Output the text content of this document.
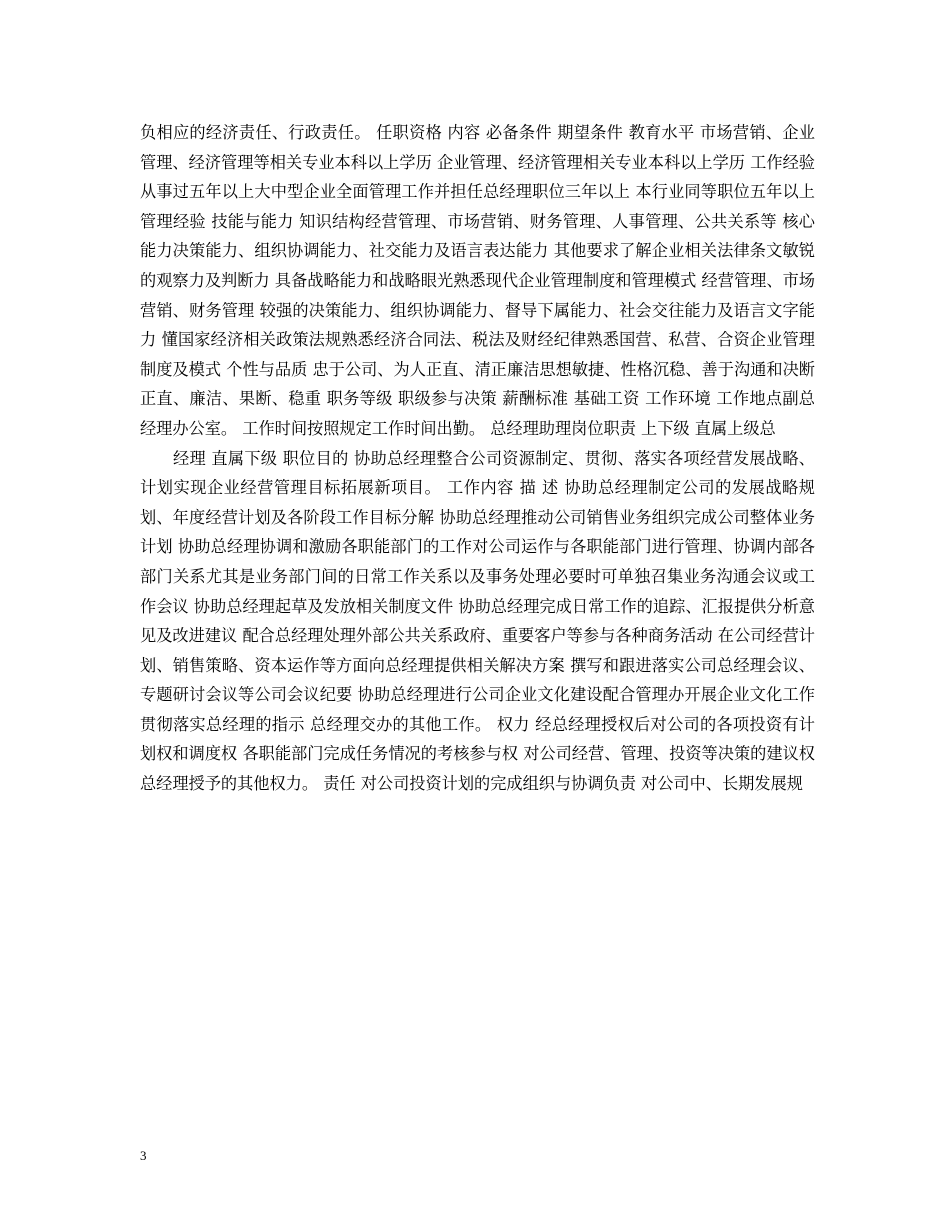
负相应的经济责任、行政责任。 任职资格 内容 必备条件 期望条件 教育水平 市场营销、企业管理、经济管理等相关专业本科以上学历 企业管理、经济管理相关专业本科以上学历 工作经验 从事过五年以上大中型企业全面管理工作并担任总经理职位三年以上 本行业同等职位五年以上管理经验 技能与能力 知识结构经营管理、市场营销、财务管理、人事管理、公共关系等 核心能力决策能力、组织协调能力、社交能力及语言表达能力 其他要求了解企业相关法律条文敏锐的观察力及判断力 具备战略能力和战略眼光熟悉现代企业管理制度和管理模式 经营管理、市场营销、财务管理 较强的决策能力、组织协调能力、督导下属能力、社会交往能力及语言文字能力 懂国家经济相关政策法规熟悉经济合同法、税法及财经纪律熟悉国营、私营、合资企业管理制度及模式 个性与品质 忠于公司、为人正直、清正廉洁思想敏捷、性格沉稳、善于沟通和决断 正直、廉洁、果断、稳重 职务等级 职级参与决策 薪酬标准 基础工资 工作环境 工作地点副总经理办公室。 工作时间按照规定工作时间出勤。 总经理助理岗位职责 上下级 直属上级总

经理 直属下级 职位目的 协助总经理整合公司资源制定、贯彻、落实各项经营发展战略、计划实现企业经营管理目标拓展新项目。 工作内容 描 述 协助总经理制定公司的发展战略规划、年度经营计划及各阶段工作目标分解 协助总经理推动公司销售业务组织完成公司整体业务计划 协助总经理协调和激励各职能部门的工作对公司运作与各职能部门进行管理、协调内部各部门关系尤其是业务部门间的日常工作关系以及事务处理必要时可单独召集业务沟通会议或工作会议 协助总经理起草及发放相关制度文件 协助总经理完成日常工作的追踪、汇报提供分析意见及改进建议 配合总经理处理外部公共关系政府、重要客户等参与各种商务活动 在公司经营计划、销售策略、资本运作等方面向总经理提供相关解决方案 撰写和跟进落实公司总经理会议、专题研讨会议等公司会议纪要 协助总经理进行公司企业文化建设配合管理办开展企业文化工作 贯彻落实总经理的指示 总经理交办的其他工作。 权力 经总经理授权后对公司的各项投资有计划权和调度权 各职能部门完成任务情况的考核参与权 对公司经营、管理、投资等决策的建议权 总经理授予的其他权力。 责任 对公司投资计划的完成组织与协调负责 对公司中、长期发展规

3
